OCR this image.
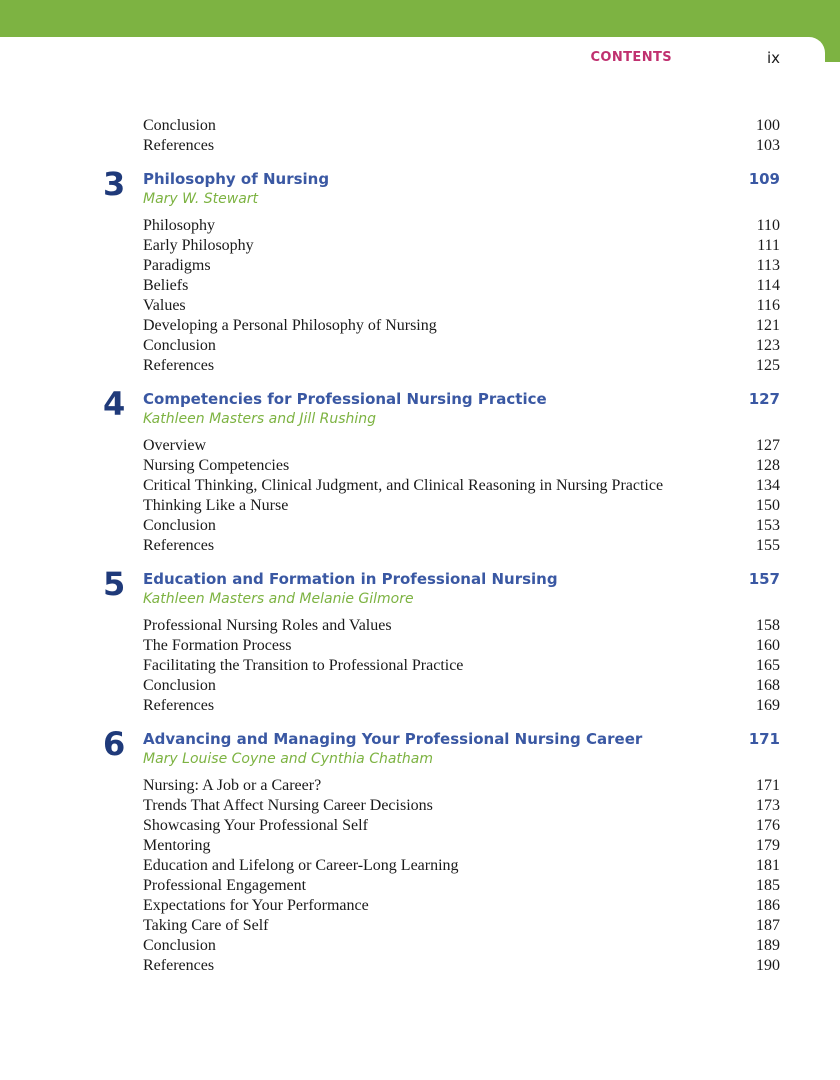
CONTENTS	ix
Conclusion	100
References	103
3 Philosophy of Nursing	109
Mary W. Stewart
Philosophy	110
Early Philosophy	111
Paradigms	113
Beliefs	114
Values	116
Developing a Personal Philosophy of Nursing	121
Conclusion	123
References	125
4 Competencies for Professional Nursing Practice	127
Kathleen Masters and Jill Rushing
Overview	127
Nursing Competencies	128
Critical Thinking, Clinical Judgment, and Clinical Reasoning in Nursing Practice	134
Thinking Like a Nurse	150
Conclusion	153
References	155
5 Education and Formation in Professional Nursing	157
Kathleen Masters and Melanie Gilmore
Professional Nursing Roles and Values	158
The Formation Process	160
Facilitating the Transition to Professional Practice	165
Conclusion	168
References	169
6 Advancing and Managing Your Professional Nursing Career	171
Mary Louise Coyne and Cynthia Chatham
Nursing: A Job or a Career?	171
Trends That Affect Nursing Career Decisions	173
Showcasing Your Professional Self	176
Mentoring	179
Education and Lifelong or Career-Long Learning	181
Professional Engagement	185
Expectations for Your Performance	186
Taking Care of Self	187
Conclusion	189
References	190
